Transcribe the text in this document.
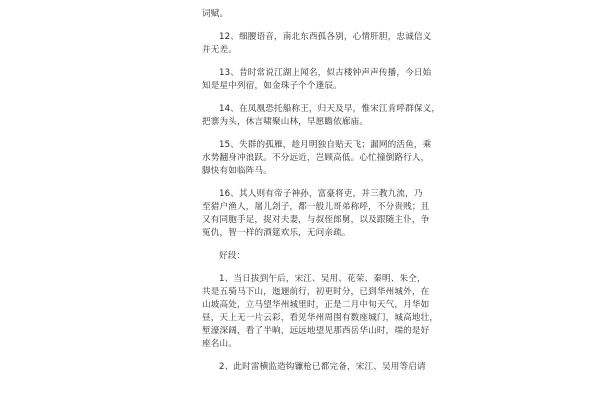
词赋。
12、细腰语音，南北东西孤各别，心情肝胆，忠诚信义
并无差。
13、昔时常说江湖上闻名，似古楼钟声声传播，今日始
知是星中列宿，如金珠子个个逢辰。
14、在凤凰恐托船称王，归天及早，惟宋江肯呼群保义，
把寨为头，休言啸聚山林，早愿瞻依廊庙。
15、失群的孤雁，趁月明独自贴天飞；漏网的活鱼，乘
水势翻身冲浪跃。不分远近，岂顾高低。心忙撞倒路行人，
脚快有如临阵马。
16、其人则有帝子神孙，富豪将吏，并三教九流，乃
至猎户渔人，屠儿刽子，都一般儿哥弟称呼，不分贵贱；且
又有同胞手足，捉对夫妻，与叔侄郎舅，以及跟随主仆，争
冤仇，智一样的酒筵欢乐，无问亲疏。
好段：
1、当日拔到午后，宋江、吴用、花荣、秦明、朱仝，
共是五骑马下山，迤逦前行，初更时分，已到华州城外，在
山坡高处，立马望华州城里时，正是二月中旬天气，月华如
昼，天上无一片云彩，看见华州周围有数座城门，城高地壮，
堑濠深阔，看了半晌，远远地望见那西岳华山时，端的是好
座名山。
2、此时雷横监造钩镰枪已都完备，宋江、吴用等启请
